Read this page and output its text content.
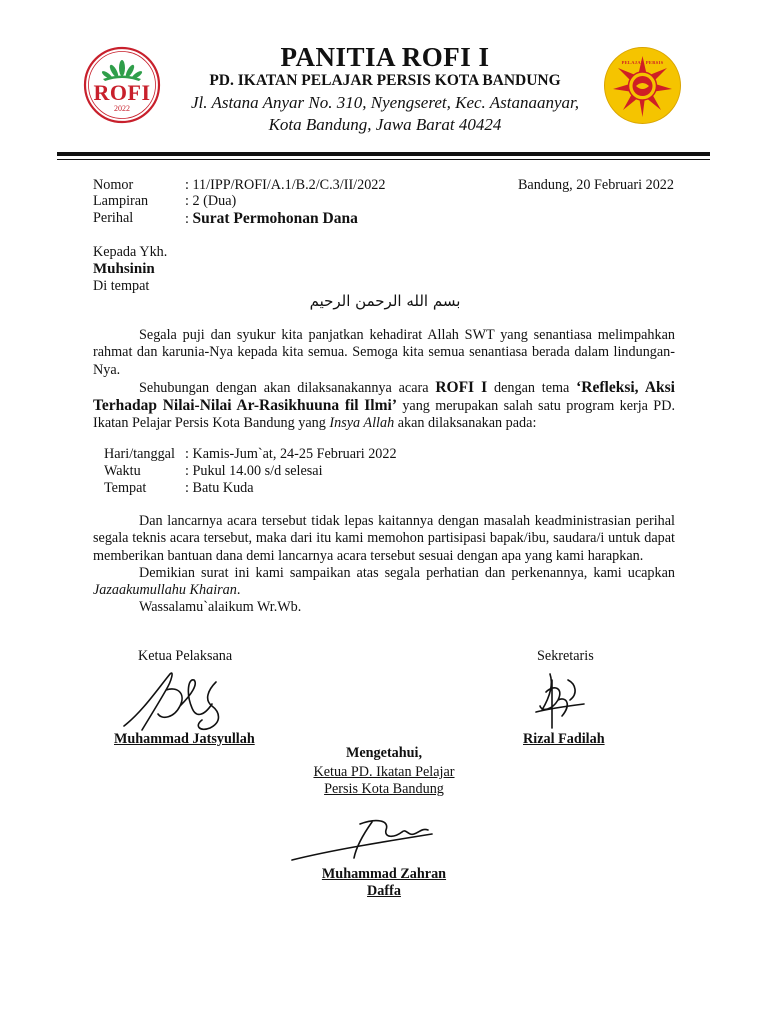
ROFI
2022
PELAJAR PERSIS
PANITIA ROFI I
PD. IKATAN PELAJAR PERSIS KOTA BANDUNG
Jl. Astana Anyar No. 310, Nyengseret, Kec. Astanaanyar,
Kota Bandung, Jawa Barat 40424
Nomor	: 11/IPP/ROFI/A.1/B.2/C.3/II/2022	Bandung, 20 Februari 2022
Lampiran	: 2 (Dua)
Perihal	: Surat Permohonan Dana
Kepada Ykh.
Muhsinin
Di tempat
بسم الله الرحمن الرحيم

Segala puji dan syukur kita panjatkan kehadirat Allah SWT yang senantiasa melimpahkan rahmat dan karunia-Nya kepada kita semua. Semoga kita semua senantiasa berada dalam lindungan-Nya.

Sehubungan dengan akan dilaksanakannya acara ROFI I dengan tema ‘Refleksi, Aksi Terhadap Nilai-Nilai Ar-Rasikhuuna fil Ilmi’ yang merupakan salah satu program kerja PD. Ikatan Pelajar Persis Kota Bandung yang Insya Allah akan dilaksanakan pada:

Hari/tanggal : Kamis-Jum`at, 24-25 Februari 2022
Waktu	: Pukul 14.00 s/d selesai
Tempat	: Batu Kuda

Dan lancarnya acara tersebut tidak lepas kaitannya dengan masalah keadministrasian perihal segala teknis acara tersebut, maka dari itu kami memohon partisipasi bapak/ibu, saudara/i untuk dapat memberikan bantuan dana demi lancarnya acara tersebut sesuai dengan apa yang kami harapkan.

Demikian surat ini kami sampaikan atas segala perhatian dan perkenannya, kami ucapkan Jazaakumullahu Khairan.

Wassalamu`alaikum Wr.Wb.

Ketua Pelaksana	Sekretaris
Muhammad Jatsyullah	Rizal Fadilah
Mengetahui,
Ketua PD. Ikatan Pelajar
Persis Kota Bandung
Muhammad Zahran
Daffa
